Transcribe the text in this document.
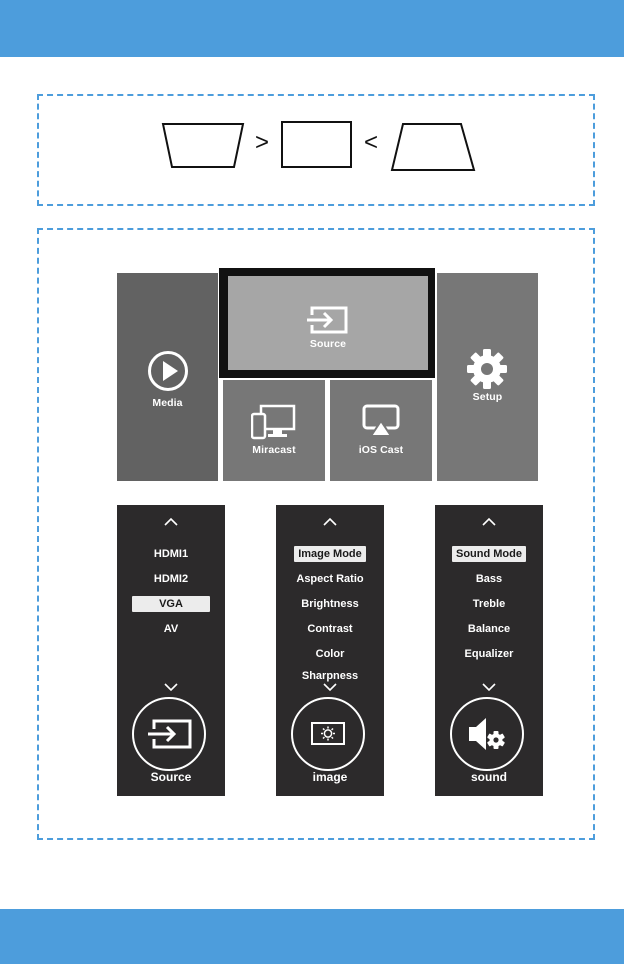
>	<
Media
Source
Setup
Miracast	iOS Cast
HDMI1
HDMI2
VGA
AV
Source
Image Mode
Aspect Ratio
Brightness
Contrast
Color
Sharpness
image
Sound Mode
Bass
Treble
Balance
Equalizer
sound
